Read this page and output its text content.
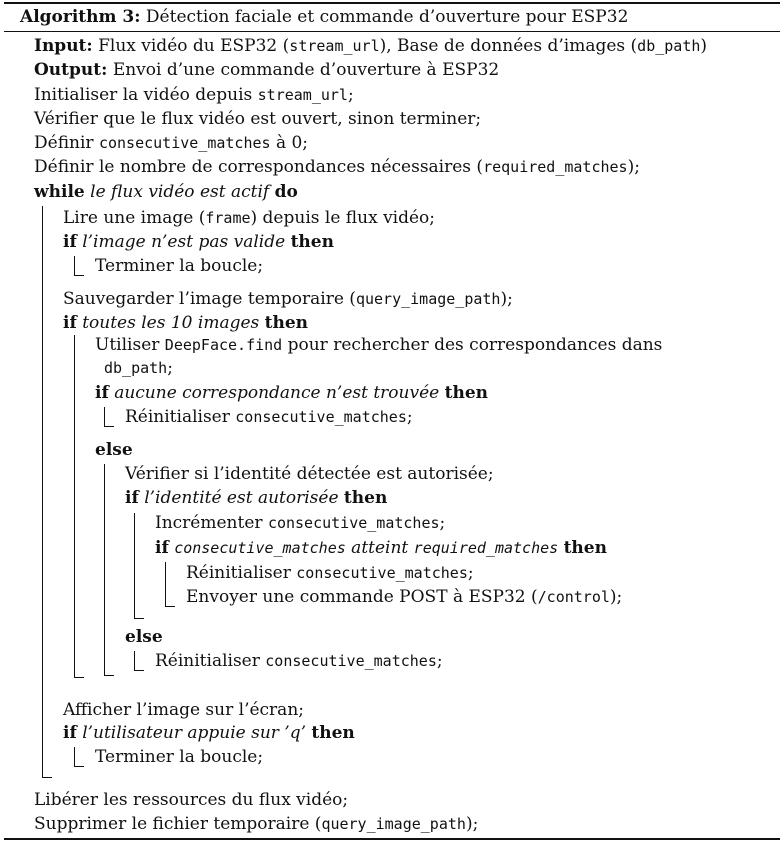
Algorithm 3: Détection faciale et commande d’ouverture pour ESP32
Input: Flux vidéo du ESP32 (stream_url), Base de données d’images (db_path)
Output: Envoi d’une commande d’ouverture à ESP32
Initialiser la vidéo depuis stream_url;
Vérifier que le flux vidéo est ouvert, sinon terminer;
Définir consecutive_matches à 0;
Définir le nombre de correspondances nécessaires (required_matches);
while le flux vidéo est actif do
Lire une image (frame) depuis le flux vidéo;
if l’image n’est pas valide then
Terminer la boucle;
Sauvegarder l’image temporaire (query_image_path);
if toutes les 10 images then
Utiliser DeepFace.find pour rechercher des correspondances dans
db_path;
if aucune correspondance n’est trouvée then
Réinitialiser consecutive_matches;
else
Vérifier si l’identité détectée est autorisée;
if l’identité est autorisée then
Incrémenter consecutive_matches;
if consecutive_matches atteint required_matches then
Réinitialiser consecutive_matches;
Envoyer une commande POST à ESP32 (/control);
else
Réinitialiser consecutive_matches;
Afficher l’image sur l’écran;
if l’utilisateur appuie sur ’q’ then
Terminer la boucle;
Libérer les ressources du flux vidéo;
Supprimer le fichier temporaire (query_image_path);
